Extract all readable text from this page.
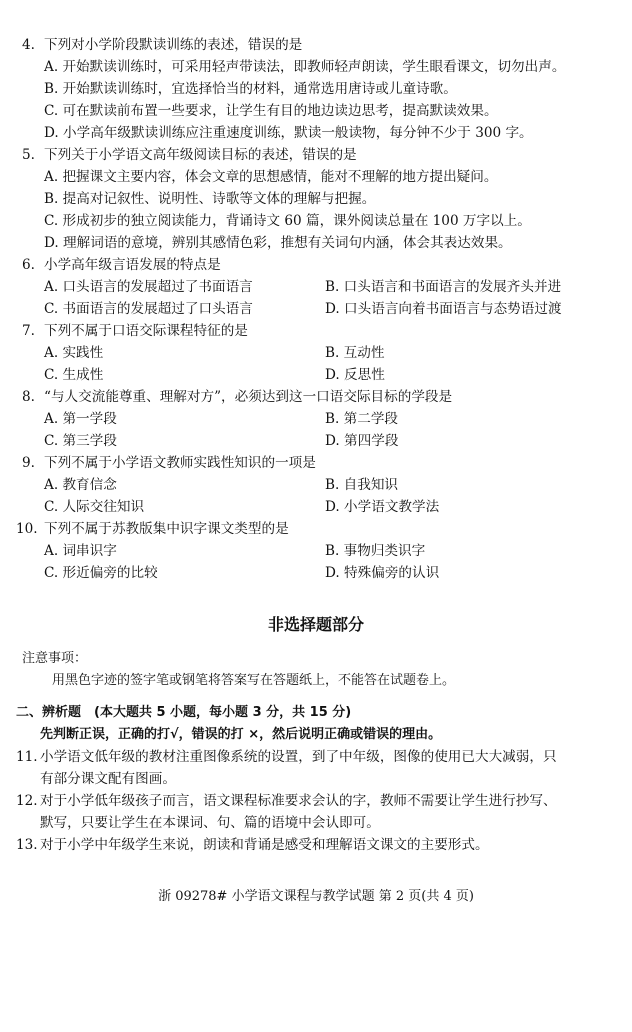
4. 下列对小学阶段默读训练的表述，错误的是
A. 开始默读训练时，可采用轻声带读法，即教师轻声朗读，学生眼看课文，切勿出声。
B. 开始默读训练时，宜选择恰当的材料，通常选用唐诗或儿童诗歌。
C. 可在默读前布置一些要求，让学生有目的地边读边思考，提高默读效果。
D. 小学高年级默读训练应注重速度训练，默读一般读物，每分钟不少于 300 字。
5. 下列关于小学语文高年级阅读目标的表述，错误的是
A. 把握课文主要内容，体会文章的思想感情，能对不理解的地方提出疑问。
B. 提高对记叙性、说明性、诗歌等文体的理解与把握。
C. 形成初步的独立阅读能力，背诵诗文 60 篇，课外阅读总量在 100 万字以上。
D. 理解词语的意境，辨别其感情色彩，推想有关词句内涵，体会其表达效果。
6. 小学高年级言语发展的特点是
A. 口头语言的发展超过了书面语言	B. 口头语言和书面语言的发展齐头并进
C. 书面语言的发展超过了口头语言	D. 口头语言向着书面语言与态势语过渡
7. 下列不属于口语交际课程特征的是
A. 实践性	B. 互动性
C. 生成性	D. 反思性
8. “与人交流能尊重、理解对方”，必须达到这一口语交际目标的学段是
A. 第一学段	B. 第二学段
C. 第三学段	D. 第四学段
9. 下列不属于小学语文教师实践性知识的一项是
A. 教育信念	B. 自我知识
C. 人际交往知识	D. 小学语文教学法
10. 下列不属于苏教版集中识字课文类型的是
A. 词串识字	B. 事物归类识字
C. 形近偏旁的比较	D. 特殊偏旁的认识
非选择题部分
注意事项：
用黑色字迹的签字笔或钢笔将答案写在答题纸上，不能答在试题卷上。
二、辨析题　(本大题共 5 小题，每小题 3 分，共 15 分)
先判断正误，正确的打√，错误的打 ×，然后说明正确或错误的理由。
11. 小学语文低年级的教材注重图像系统的设置，到了中年级，图像的使用已大大减弱，只
有部分课文配有图画。
12. 对于小学低年级孩子而言，语文课程标准要求会认的字，教师不需要让学生进行抄写、
默写，只要让学生在本课词、句、篇的语境中会认即可。
13. 对于小学中年级学生来说，朗读和背诵是感受和理解语文课文的主要形式。
浙 09278# 小学语文课程与教学试题 第 2 页(共 4 页)
